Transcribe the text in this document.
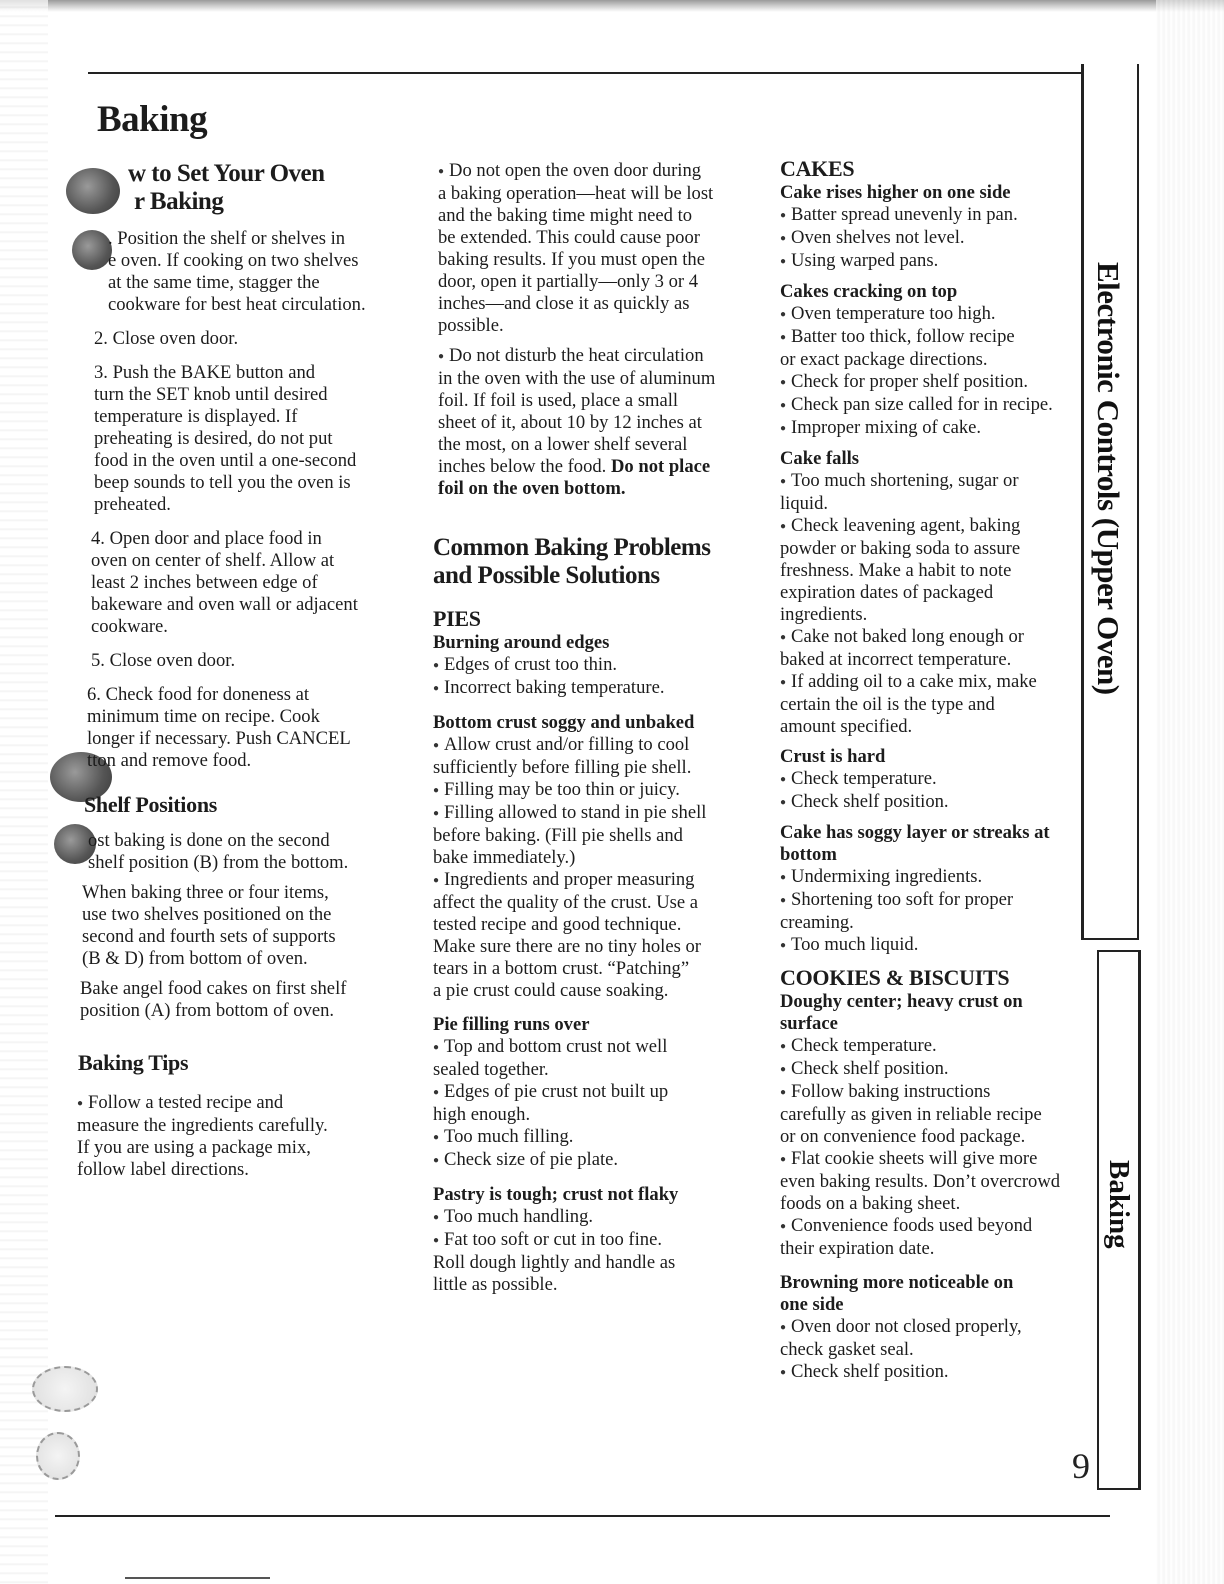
Electronic Controls (Upper Oven)
Baking
9
Baking

w to Set Your Oven

r Baking

. Position the shelf or shelves in
e oven. If cooking on two shelves
at the same time, stagger the
cookware for best heat circulation.

2. Close oven door.

3. Push the BAKE button and
turn the SET knob until desired
temperature is displayed. If
preheating is desired, do not put
food in the oven until a one-second
beep sounds to tell you the oven is
preheated.

4. Open door and place food in
oven on center of shelf. Allow at
least 2 inches between edge of
bakeware and oven wall or adjacent
cookware.

5. Close oven door.

6. Check food for doneness at
minimum time on recipe. Cook
longer if necessary. Push CANCEL
tton and remove food.

Shelf Positions

ost baking is done on the second
shelf position (B) from the bottom.

When baking three or four items,
use two shelves positioned on the
second and fourth sets of supports
(B & D) from bottom of oven.

Bake angel food cakes on first shelf
position (A) from bottom of oven.

Baking Tips

● Follow a tested recipe and
measure the ingredients carefully.
If you are using a package mix,
follow label directions.

● Do not open the oven door during
a baking operation—heat will be lost
and the baking time might need to
be extended. This could cause poor
baking results. If you must open the
door, open it partially—only 3 or 4
inches—and close it as quickly as
possible.

● Do not disturb the heat circulation
in the oven with the use of aluminum
foil. If foil is used, place a small
sheet of it, about 10 by 12 inches at
the most, on a lower shelf several
inches below the food. Do not place
foil on the oven bottom.

Common Baking Problems

and Possible Solutions

PIES

Burning around edges

● Edges of crust too thin.

● Incorrect baking temperature.

Bottom crust soggy and unbaked

● Allow crust and/or filling to cool
sufficiently before filling pie shell.

● Filling may be too thin or juicy.

● Filling allowed to stand in pie shell
before baking. (Fill pie shells and
bake immediately.)

● Ingredients and proper measuring
affect the quality of the crust. Use a
tested recipe and good technique.
Make sure there are no tiny holes or
tears in a bottom crust. “Patching”
a pie crust could cause soaking.

Pie filling runs over

● Top and bottom crust not well
sealed together.

● Edges of pie crust not built up
high enough.

● Too much filling.

● Check size of pie plate.

Pastry is tough; crust not flaky

● Too much handling.

● Fat too soft or cut in too fine.
Roll dough lightly and handle as
little as possible.

CAKES

Cake rises higher on one side

● Batter spread unevenly in pan.

● Oven shelves not level.

● Using warped pans.

Cakes cracking on top

● Oven temperature too high.

● Batter too thick, follow recipe
or exact package directions.

● Check for proper shelf position.

● Check pan size called for in recipe.

● Improper mixing of cake.

Cake falls

● Too much shortening, sugar or
liquid.

● Check leavening agent, baking
powder or baking soda to assure
freshness. Make a habit to note
expiration dates of packaged
ingredients.

● Cake not baked long enough or
baked at incorrect temperature.

● If adding oil to a cake mix, make
certain the oil is the type and
amount specified.

Crust is hard

● Check temperature.

● Check shelf position.

Cake has soggy layer or streaks at
bottom

● Undermixing ingredients.

● Shortening too soft for proper
creaming.

● Too much liquid.

COOKIES & BISCUITS

Doughy center; heavy crust on
surface

● Check temperature.

● Check shelf position.

● Follow baking instructions
carefully as given in reliable recipe
or on convenience food package.

● Flat cookie sheets will give more
even baking results. Don’t overcrowd
foods on a baking sheet.

● Convenience foods used beyond
their expiration date.

Browning more noticeable on
one side

● Oven door not closed properly,
check gasket seal.

● Check shelf position.
